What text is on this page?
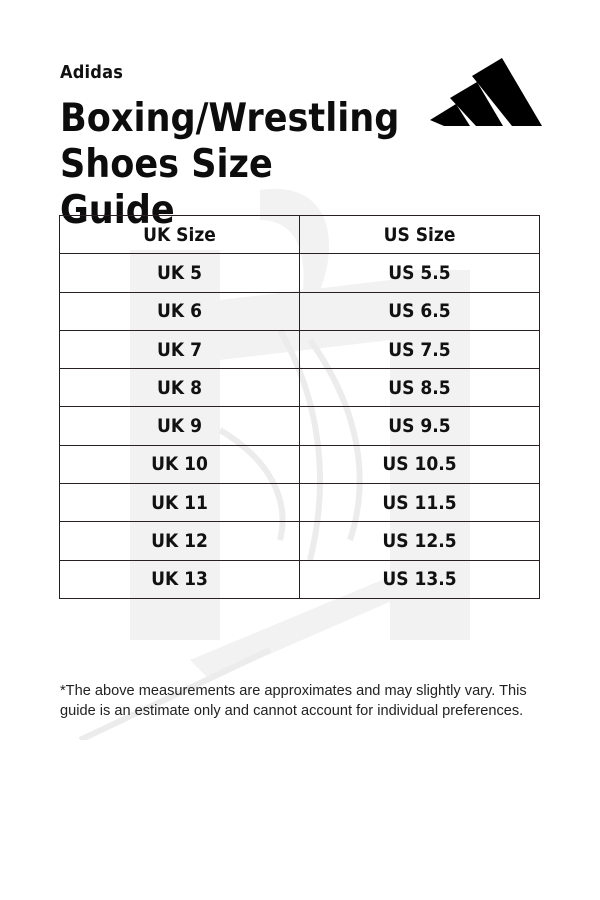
Adidas
Boxing/Wrestling
Shoes Size Guide
UK Size	US Size
UK 5	US 5.5
UK 6	US 6.5
UK 7	US 7.5
UK 8	US 8.5
UK 9	US 9.5
UK 10	US 10.5
UK 11	US 11.5
UK 12	US 12.5
UK 13	US 13.5

*The above measurements are approximates and may slightly vary. This guide is an estimate only and cannot account for individual preferences.
